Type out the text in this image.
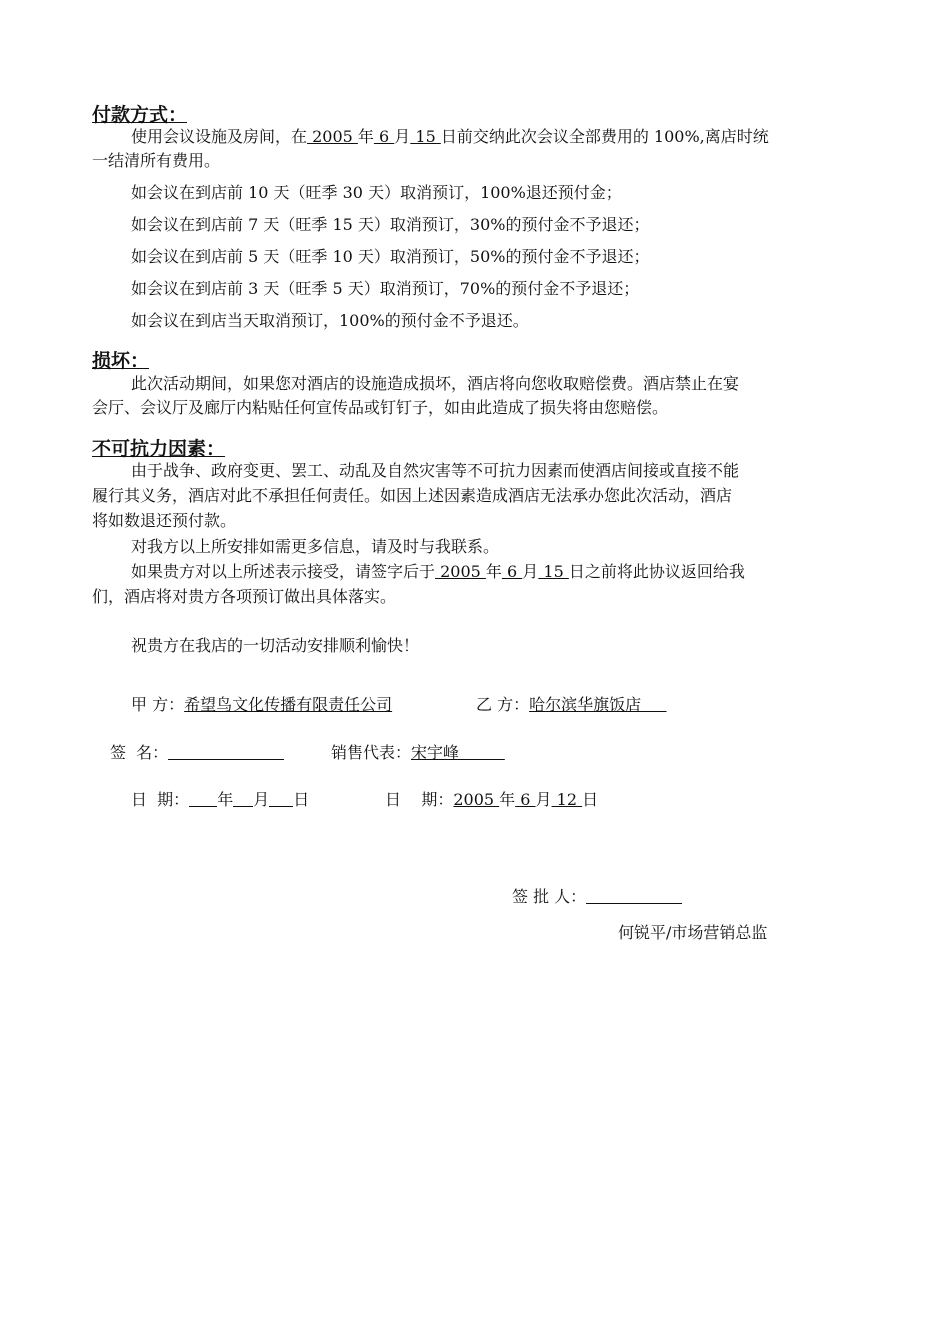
付款方式：
使用会议设施及房间，在 2005 年 6 月 15 日前交纳此次会议全部费用的 100%,离店时统
一结清所有费用。
如会议在到店前 10 天（旺季 30 天）取消预订，100%退还预付金；
如会议在到店前 7 天（旺季 15 天）取消预订，30%的预付金不予退还；
如会议在到店前 5 天（旺季 10 天）取消预订，50%的预付金不予退还；
如会议在到店前 3 天（旺季 5 天）取消预订，70%的预付金不予退还；
如会议在到店当天取消预订，100%的预付金不予退还。
损坏：
此次活动期间，如果您对酒店的设施造成损坏，酒店将向您收取赔偿费。酒店禁止在宴
会厅、会议厅及廊厅内粘贴任何宣传品或钉钉子，如由此造成了损失将由您赔偿。
不可抗力因素：
由于战争、政府变更、罢工、动乱及自然灾害等不可抗力因素而使酒店间接或直接不能
履行其义务，酒店对此不承担任何责任。如因上述因素造成酒店无法承办您此次活动，酒店
将如数退还预付款。
对我方以上所安排如需更多信息，请及时与我联系。
如果贵方对以上所述表示接受，请签字后于 2005 年 6 月 15 日之前将此协议返回给我
们，酒店将对贵方各项预订做出具体落实。
祝贵方在我店的一切活动安排顺利愉快！
甲 方：希望鸟文化传播有限责任公司	乙 方：哈尔滨华旗饭店
签  名：	销售代表：宋宇峰
日  期： 年 月 日	日    期：2005 年 6 月 12 日
签 批 人：
何锐平/市场营销总监
